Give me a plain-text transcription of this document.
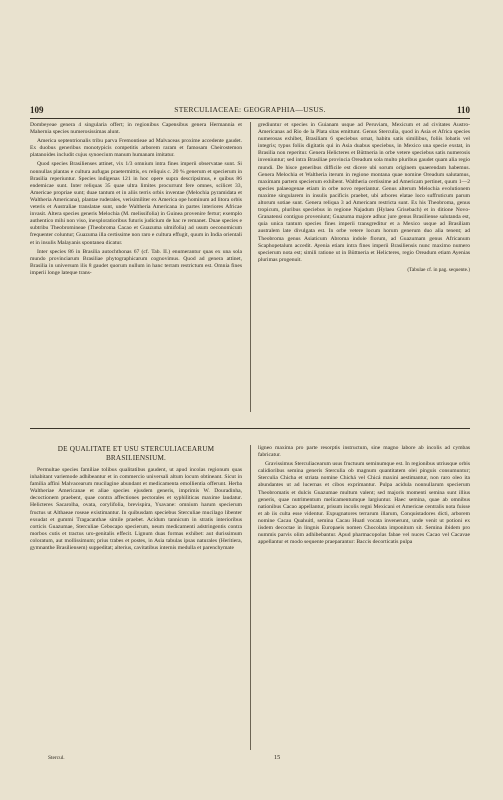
109	STERCULIACEAE: GEOGRAPHIA—USUS.	110

Dombeyeae genera 4 singularia offert; in regionibus Capensibus genera Hermannia et Mahernia species numerosissimas alunt.

America septentrionalis tribu parva Fremontieae ad Malvaceas proxime accedente gaudet. Ex duobus generibus monotypicis competitis arborem raram et famosam Cheirostemon platanoides includit cujus synoecium manum humanam imitatur.

Quod species Brasilienses attinet, vix 1/3 omnium intra fines imperii observatae sunt. Si nonnullas plantas e cultura aufugas praetermittis, ex reliquis c. 20 % generum et specierum in Brasilia reperiuntur. Species indigenas 121 in hoc opere supra descripsimus, e quibus 86 endemicae sunt. Inter reliquas 35 quae ultra limites procurrunt fere omnes, scilicet 33, Americae propriae sunt; duae tantum et in aliis terris orbis inventae (Melochia pyramidata et Waltheria Americana), plantae ruderales, verisimiliter ex America ope hominum ad litora orbis veteris et Australiae translatae sunt, unde Waltheria Americana in partes interiores Africae invasit. Altera species generis Melochia (M. melissifolia) in Guinea provenire fertur; exemplo authentico mihi non viso, inexploratioribus futuris judicium de hac re remanet. Duae species e subtribu Theobromineae (Theobroma Cacao et Guazuma ulmifolia) ad usum oeconomicum frequenter coluntur; Guazuma illa certissime non raro e cultura effugit, quum in India orientali et in insulis Malayanis spontanea dicatur.

Inter species 86 in Brasilia autochthonas 67 (cf. Tab. II.) enumerantur quas ex una sola mundo provinciarum Brasiliae phytographicarum cognovimus. Quod ad genera attinet, Brasilia in universum ilis 8 gaudet quorum nullum in hanc terram restrictum est. Omnia fines imperii longe lateque trans-

grediuntur et species in Guianam usque ad Peruviam, Mexicum et ad civitates Austro-Americanas ad Rio de la Plata sitas emittunt. Genus Sterculia, quod in Asia et Africa species numerosas exhibet, Brasiliam 6 speciebus ornat, habitu satis similibus, foliis lobatis vel integris; typus foliis digitatis qui in Asia duabus speciebus, in Mexico una specie exstat, in Brasilia non reperitur. Genera Helicteres et Büttneria in orbe vetere speciebus satis numerosis inveniuntur; sed intra Brasiliae provincia Oreadum sola multo pluribus gaudet quam alia regio mundi. De hisce generibus difficile est dicere ubi sorum originem quaerendam habemus. Genera Melochia et Waltheria iterum in regione montana quae nomine Oreadum salutamus, maximam partem specierum exhibent. Waltheria certissime ad Americam pertinet, quum 1—2 species palaeogenae etiam in orbe novo reperiantur. Genus alterum Melochia evolutionem maxime singularem in insulis pacificis praebet, ubi arbores elatae loco suffruticum parum altorum sotiae sunt. Genera reliqua 3 ad Americam restricta sunt. Ex his Theobroma, genus tropicum, pluribus speciebus in regione Najadum (Hylaea Grisebach) et in ditione Novo-Granatensi contiguo proveniunt; Guazuma majore adhuc jure genus Brasiliense salutanda est, quia unica tantum species fines imperii transgreditur et a Mexico usque ad Brasiliam australem late divulgata est. In orbe vetere locum horum generum duo alia tenent; ad Theobroma genus Asiaticum Abroma indole florum, ad Guazumam genus Africanum Scaphopetalum accedit. Ayenia etiam intra fines imperii Brasiliensis nunc maximo numero specierum nota est; simili ratione ut in Büttneria et Helicteres, regio Oreadum etiam Ayenias plurimas progenuit.

(Tabulae cf. in pag. sequente.)
DE QUALITATE ET USU STERCULIACEARUM BRASILIENSIUM.

Permultae species familiae tolibus qualitatibus gaudent, ut apud incolas regionum quas inhabitant variemode adhibeantur et in commercio universali altum locum obtineant. Sicut in familia affini Malvacearum mucilagine abundant et medicamenta emollientia offerunt. Herba Waltheriae Americanae et aliae species ejusdem generis, imprimis W. Douradinha, decoctionem praebent, quae contra affectiones pectorales et syphiliticas maxime laudatur. Helicteres Sacarolha, ovata, corylifolia, brevispira, Ysavane: omnium harum specierum fructus ut Althaeae roseae existimantur. In quibusdam speciebus Sterculiae mucilago libenter exsudat et gummi Tragacanthae simile praebet. Acidum tannicum in stratis interioribus corticis Guazumae, Sterculiae Cebocapo specierum, neum medicamenti adstringentis contra morbos cutis et tractus uro-genitalis effecit. Lignum duas formas exhibet: aut durissimum coloratum, aut mollissimum; prius trabes et postes, in Asia tabulas ipsas naturales (Heritiera, gymnanthe Brasiliensem) suppeditat; alterius, cavitatibus internis medulla et parenchymate

ligneo maxima pro parte resorptis instructum, sine magno labore ab incolis ad cymbas fabricatur.

Gravissimus Sterculiacearum usus fructuum seminumque est. In regionibus utriusque orbis calidioribus semina generis Sterculia ob magnum quantitatem olei pinguis consumuntur; Sterculia Chicha et striata nomine Chichá vel Chicá maxini aestimantur, non raro oleo ita abundantes ut ad lucernas et cibos exprimantur. Pulpa acidula nonnullarum specierum Theobromatis et dulcis Guazumae multum valent; sed majoris momenti semina sunt illius generis, quae nutrimentum melicamentumque largiuntur. Haec semina, quae ab omnibus nationibus Cacao appellantur, prisum incolis regni Mexicani et Americae centralis nota fuisse et ab iis culta esse videntur. Expugnatores terrarum illarum, Conquistadores dicti, arborem nomine Cacau Quahuitl, semina Cacau Huatl vocata invenerunt, unde venit ut potioni ex iisdem decoctae in lingnis Europaeis nomen Chocolata imponitum sit. Semina ibidem pro nummis parvis olim adhibebantur. Apud pharmacopolas fabae vel nuces Cacao vel Cacavae appellantur et modo sequente praeparantur: Baccis decorticatis pulpa

Stercul.	15
